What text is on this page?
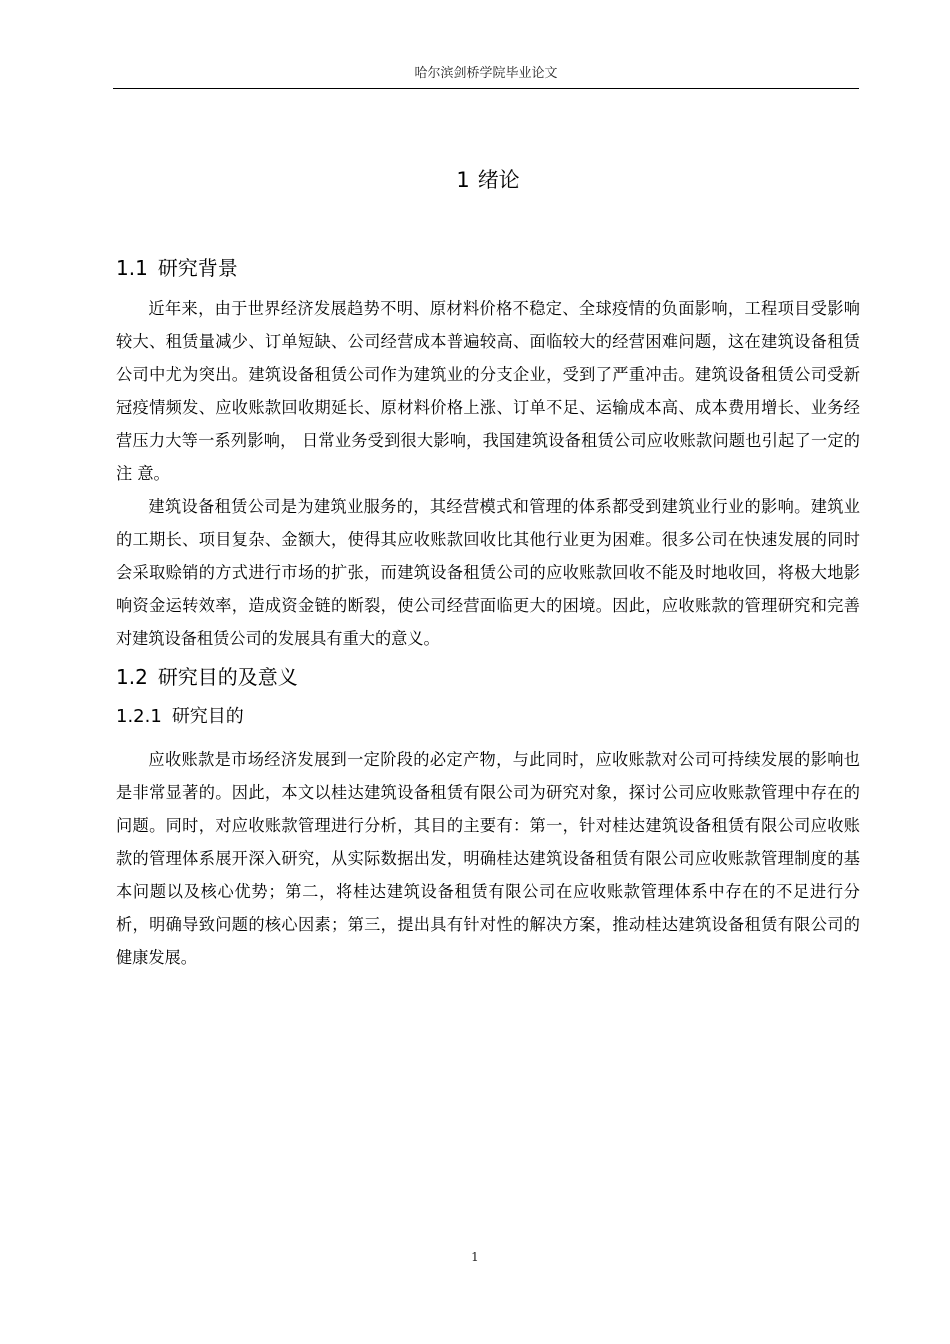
哈尔滨剑桥学院毕业论文
1 绪论
1.1 研究背景

近年来，由于世界经济发展趋势不明、原材料价格不稳定、全球疫情的负面影响，工程项目受影响较大、租赁量减少、订单短缺、公司经营成本普遍较高、面临较大的经营困难问题，这在建筑设备租赁公司中尤为突出。建筑设备租赁公司作为建筑业的分支企业，受到了严重冲击。建筑设备租赁公司受新冠疫情频发、应收账款回收期延长、原材料价格上涨、订单不足、运输成本高、成本费用增长、业务经营压力大等一系列影响， 日常业务受到很大影响，我国建筑设备租赁公司应收账款问题也引起了一定的注 意。

建筑设备租赁公司是为建筑业服务的，其经营模式和管理的体系都受到建筑业行业的影响。建筑业的工期长、项目复杂、金额大，使得其应收账款回收比其他行业更为困难。很多公司在快速发展的同时会采取赊销的方式进行市场的扩张，而建筑设备租赁公司的应收账款回收不能及时地收回，将极大地影响资金运转效率，造成资金链的断裂，使公司经营面临更大的困境。因此，应收账款的管理研究和完善对建筑设备租赁公司的发展具有重大的意义。

1.2 研究目的及意义
1.2.1 研究目的

应收账款是市场经济发展到一定阶段的必定产物，与此同时，应收账款对公司可持续发展的影响也是非常显著的。因此，本文以桂达建筑设备租赁有限公司为研究对象，探讨公司应收账款管理中存在的问题。同时，对应收账款管理进行分析，其目的主要有：第一，针对桂达建筑设备租赁有限公司应收账款的管理体系展开深入研究，从实际数据出发，明确桂达建筑设备租赁有限公司应收账款管理制度的基本问题以及核心优势；第二，将桂达建筑设备租赁有限公司在应收账款管理体系中存在的不足进行分析，明确导致问题的核心因素；第三，提出具有针对性的解决方案，推动桂达建筑设备租赁有限公司的健康发展。

1
